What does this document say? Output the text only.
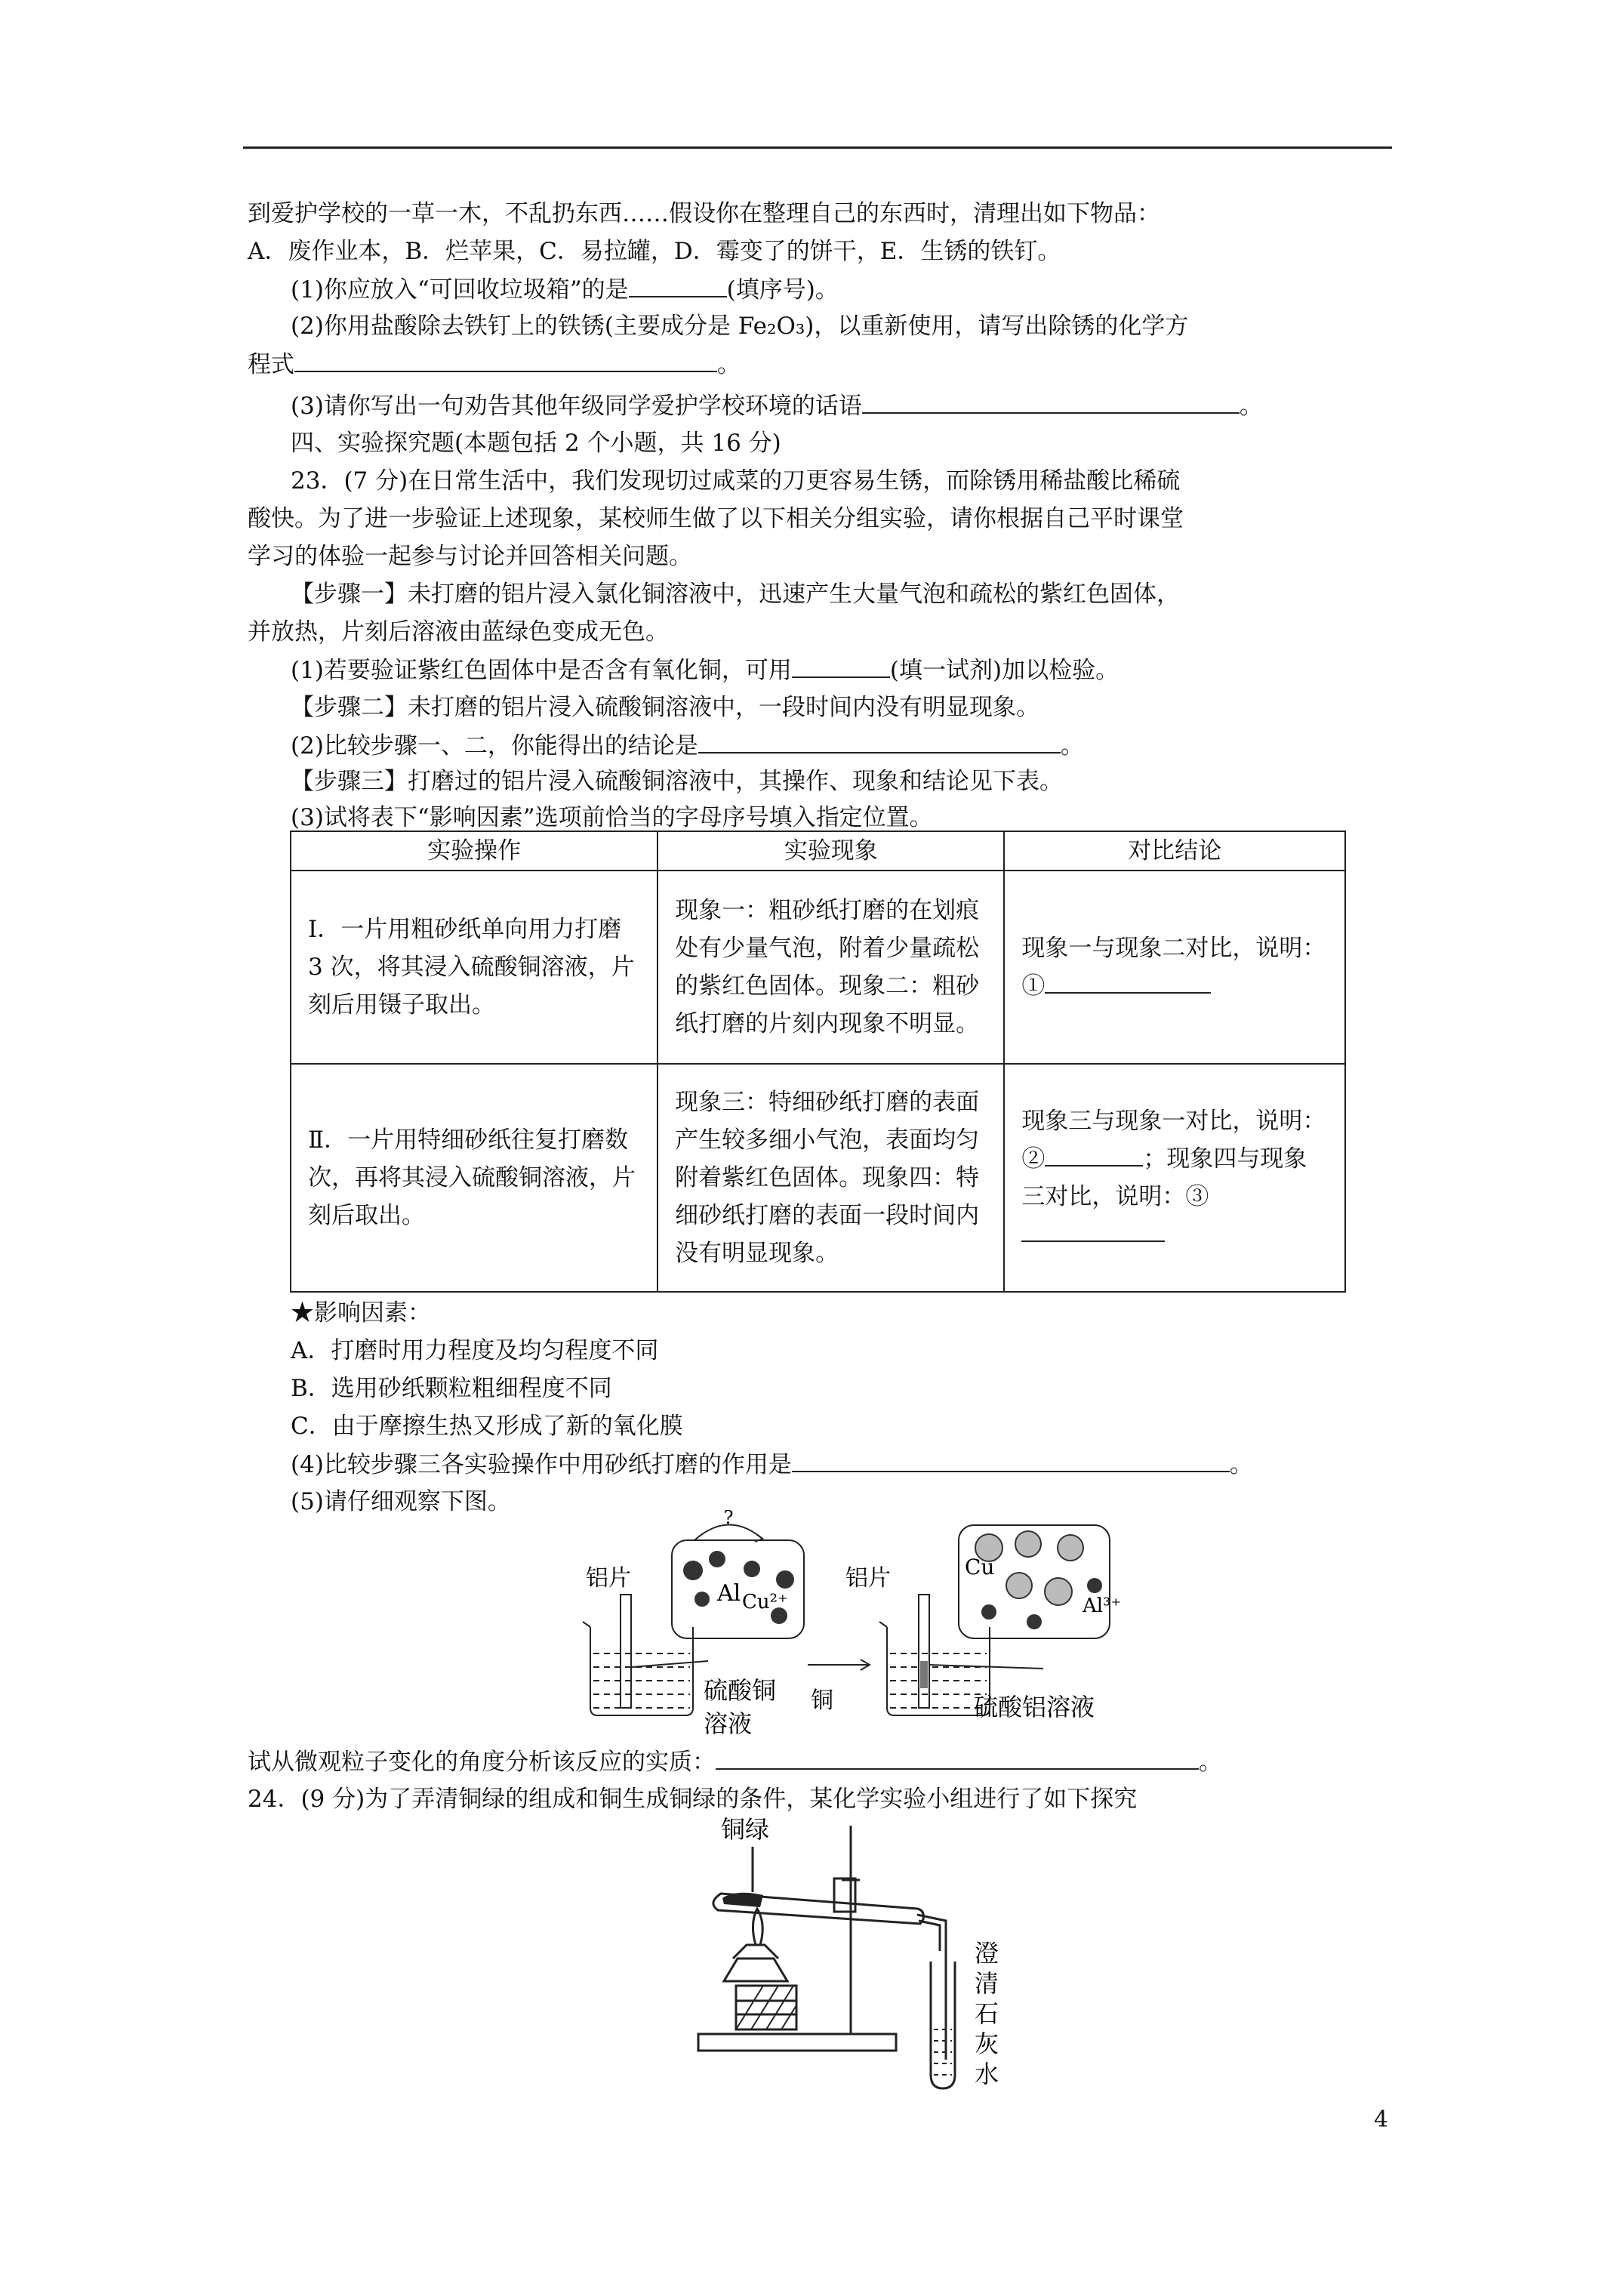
到爱护学校的一草一木，不乱扔东西……假设你在整理自己的东西时，清理出如下物品：
A．废作业本，B．烂苹果，C．易拉罐，D．霉变了的饼干，E．生锈的铁钉。
(1)你应放入“可回收垃圾箱”的是	(填序号)。
(2)你用盐酸除去铁钉上的铁锈(主要成分是 Fe₂O₃)，以重新使用，请写出除锈的化学方
程式	。
(3)请你写出一句劝告其他年级同学爱护学校环境的话语	。
四、实验探究题(本题包括 2 个小题，共 16 分)
23．(7 分)在日常生活中，我们发现切过咸菜的刀更容易生锈，而除锈用稀盐酸比稀硫
酸快。为了进一步验证上述现象，某校师生做了以下相关分组实验，请你根据自己平时课堂
学习的体验一起参与讨论并回答相关问题。
【步骤一】未打磨的铝片浸入氯化铜溶液中，迅速产生大量气泡和疏松的紫红色固体，
并放热，片刻后溶液由蓝绿色变成无色。
(1)若要验证紫红色固体中是否含有氧化铜，可用	(填一试剂)加以检验。
【步骤二】未打磨的铝片浸入硫酸铜溶液中，一段时间内没有明显现象。
(2)比较步骤一、二，你能得出的结论是	。
【步骤三】打磨过的铝片浸入硫酸铜溶液中，其操作、现象和结论见下表。
(3)试将表下“影响因素”选项前恰当的字母序号填入指定位置。
实验操作	实验现象	对比结论
Ⅰ．一片用粗砂纸单向用力打磨 3 次，将其浸入硫酸铜溶液，片刻后用镊子取出。	现象一：粗砂纸打磨的在划痕处有少量气泡，附着少量疏松的紫红色固体。现象二：粗砂纸打磨的片刻内现象不明显。	现象一与现象二对比，说明：①
Ⅱ．一片用特细砂纸往复打磨数次，再将其浸入硫酸铜溶液，片刻后取出。	现象三：特细砂纸打磨的表面产生较多细小气泡，表面均匀附着紫红色固体。现象四：特细砂纸打磨的表面一段时间内没有明显现象。	现象三与现象一对比，说明：② ；现象四与现象三对比，说明：③
★影响因素：
A．打磨时用力程度及均匀程度不同
B．选用砂纸颗粒粗细程度不同
C．由于摩擦生热又形成了新的氧化膜
(4)比较步骤三各实验操作中用砂纸打磨的作用是	。
(5)请仔细观察下图。
?
铝片
Al Cu²⁺
硫酸铜
溶液
铝片	Cu
Al³⁺
铜	硫酸铝溶液
试从微观粒子变化的角度分析该反应的实质：	。
24．(9 分)为了弄清铜绿的组成和铜生成铜绿的条件，某化学实验小组进行了如下探究
铜绿
澄
清
石
灰
水
4
